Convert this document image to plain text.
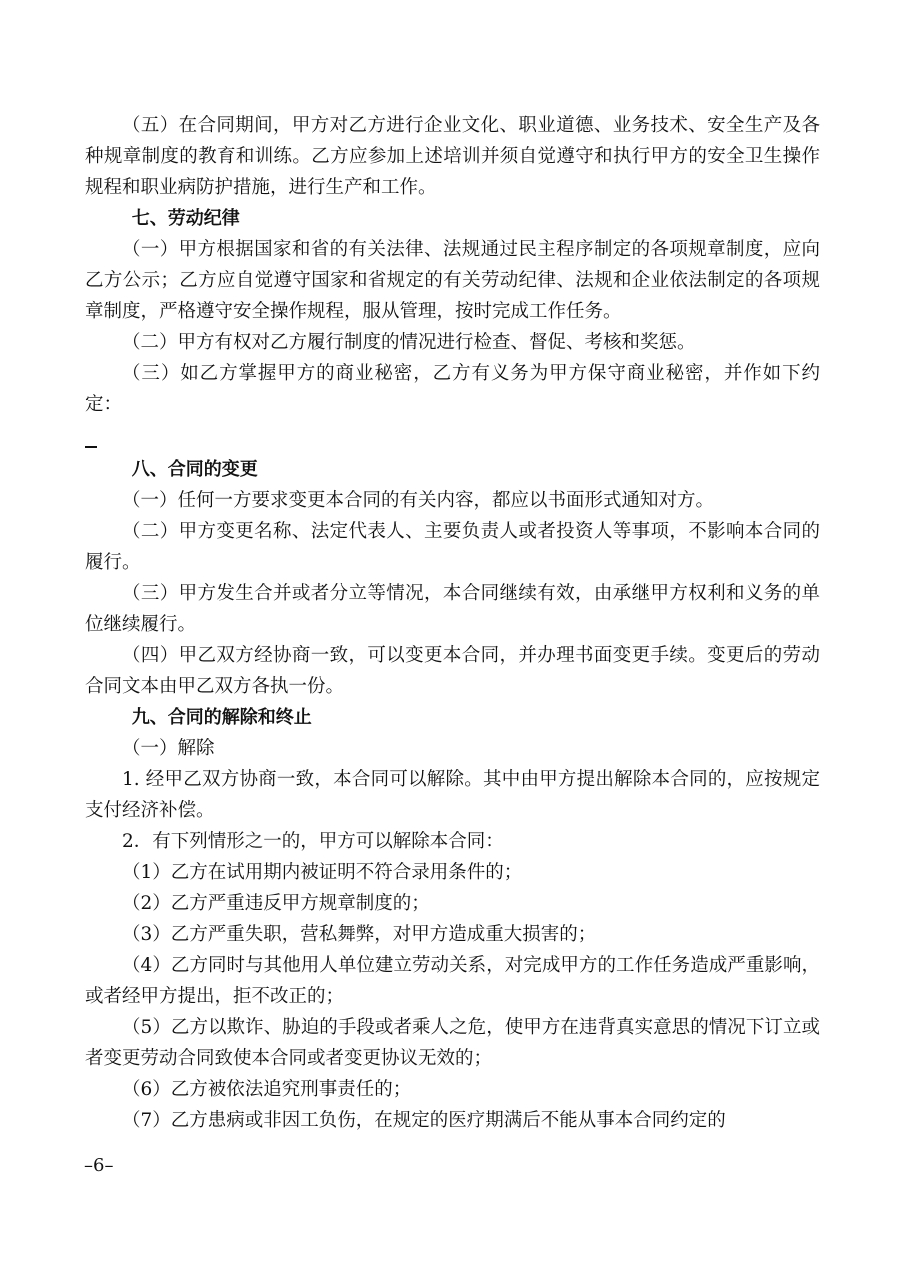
（五）在合同期间，甲方对乙方进行企业文化、职业道德、业务技术、安全生产及各种规章制度的教育和训练。乙方应参加上述培训并须自觉遵守和执行甲方的安全卫生操作规程和职业病防护措施，进行生产和工作。

七、劳动纪律

（一）甲方根据国家和省的有关法律、法规通过民主程序制定的各项规章制度，应向乙方公示；乙方应自觉遵守国家和省规定的有关劳动纪律、法规和企业依法制定的各项规章制度，严格遵守安全操作规程，服从管理，按时完成工作任务。

（二）甲方有权对乙方履行制度的情况进行检查、督促、考核和奖惩。

（三）如乙方掌握甲方的商业秘密，乙方有义务为甲方保守商业秘密，并作如下约定：

八、合同的变更

（一）任何一方要求变更本合同的有关内容，都应以书面形式通知对方。

（二）甲方变更名称、法定代表人、主要负责人或者投资人等事项，不影响本合同的履行。

（三）甲方发生合并或者分立等情况，本合同继续有效，由承继甲方权利和义务的单位继续履行。

（四）甲乙双方经协商一致，可以变更本合同，并办理书面变更手续。变更后的劳动合同文本由甲乙双方各执一份。

九、合同的解除和终止

（一）解除

1. 经甲乙双方协商一致，本合同可以解除。其中由甲方提出解除本合同的，应按规定支付经济补偿。

2．有下列情形之一的，甲方可以解除本合同：

（1）乙方在试用期内被证明不符合录用条件的；

（2）乙方严重违反甲方规章制度的；

（3）乙方严重失职，营私舞弊，对甲方造成重大损害的；

（4）乙方同时与其他用人单位建立劳动关系，对完成甲方的工作任务造成严重影响，或者经甲方提出，拒不改正的；

（5）乙方以欺诈、胁迫的手段或者乘人之危，使甲方在违背真实意思的情况下订立或者变更劳动合同致使本合同或者变更协议无效的；

（6）乙方被依法追究刑事责任的；

（7）乙方患病或非因工负伤，在规定的医疗期满后不能从事本合同约定的

–6–
